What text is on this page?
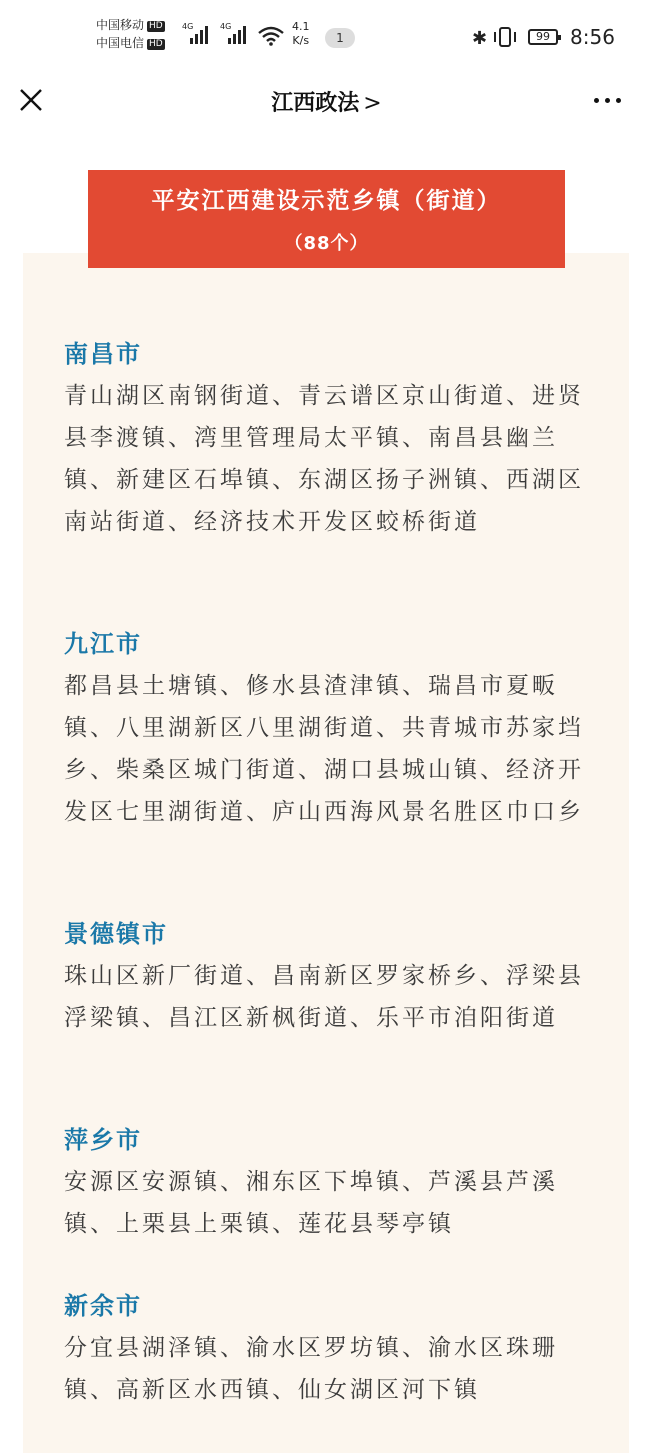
中国移动 HD
中国电信 HD
4G	4G	4.1
K/s	1	✱	99	8:56
江西政法 >
平安江西建设示范乡镇（街道）
（88个）
南昌市

青山湖区南钢街道、青云谱区京山街道、进贤县李渡镇、湾里管理局太平镇、南昌县幽兰镇、新建区石埠镇、东湖区扬子洲镇、西湖区南站街道、经济技术开发区蛟桥街道

九江市

都昌县土塘镇、修水县渣津镇、瑞昌市夏畈镇、八里湖新区八里湖街道、共青城市苏家垱乡、柴桑区城门街道、湖口县城山镇、经济开发区七里湖街道、庐山西海风景名胜区巾口乡

景德镇市

珠山区新厂街道、昌南新区罗家桥乡、浮梁县浮梁镇、昌江区新枫街道、乐平市洎阳街道

萍乡市

安源区安源镇、湘东区下埠镇、芦溪县芦溪镇、上栗县上栗镇、莲花县琴亭镇

新余市

分宜县湖泽镇、渝水区罗坊镇、渝水区珠珊镇、高新区水西镇、仙女湖区河下镇
